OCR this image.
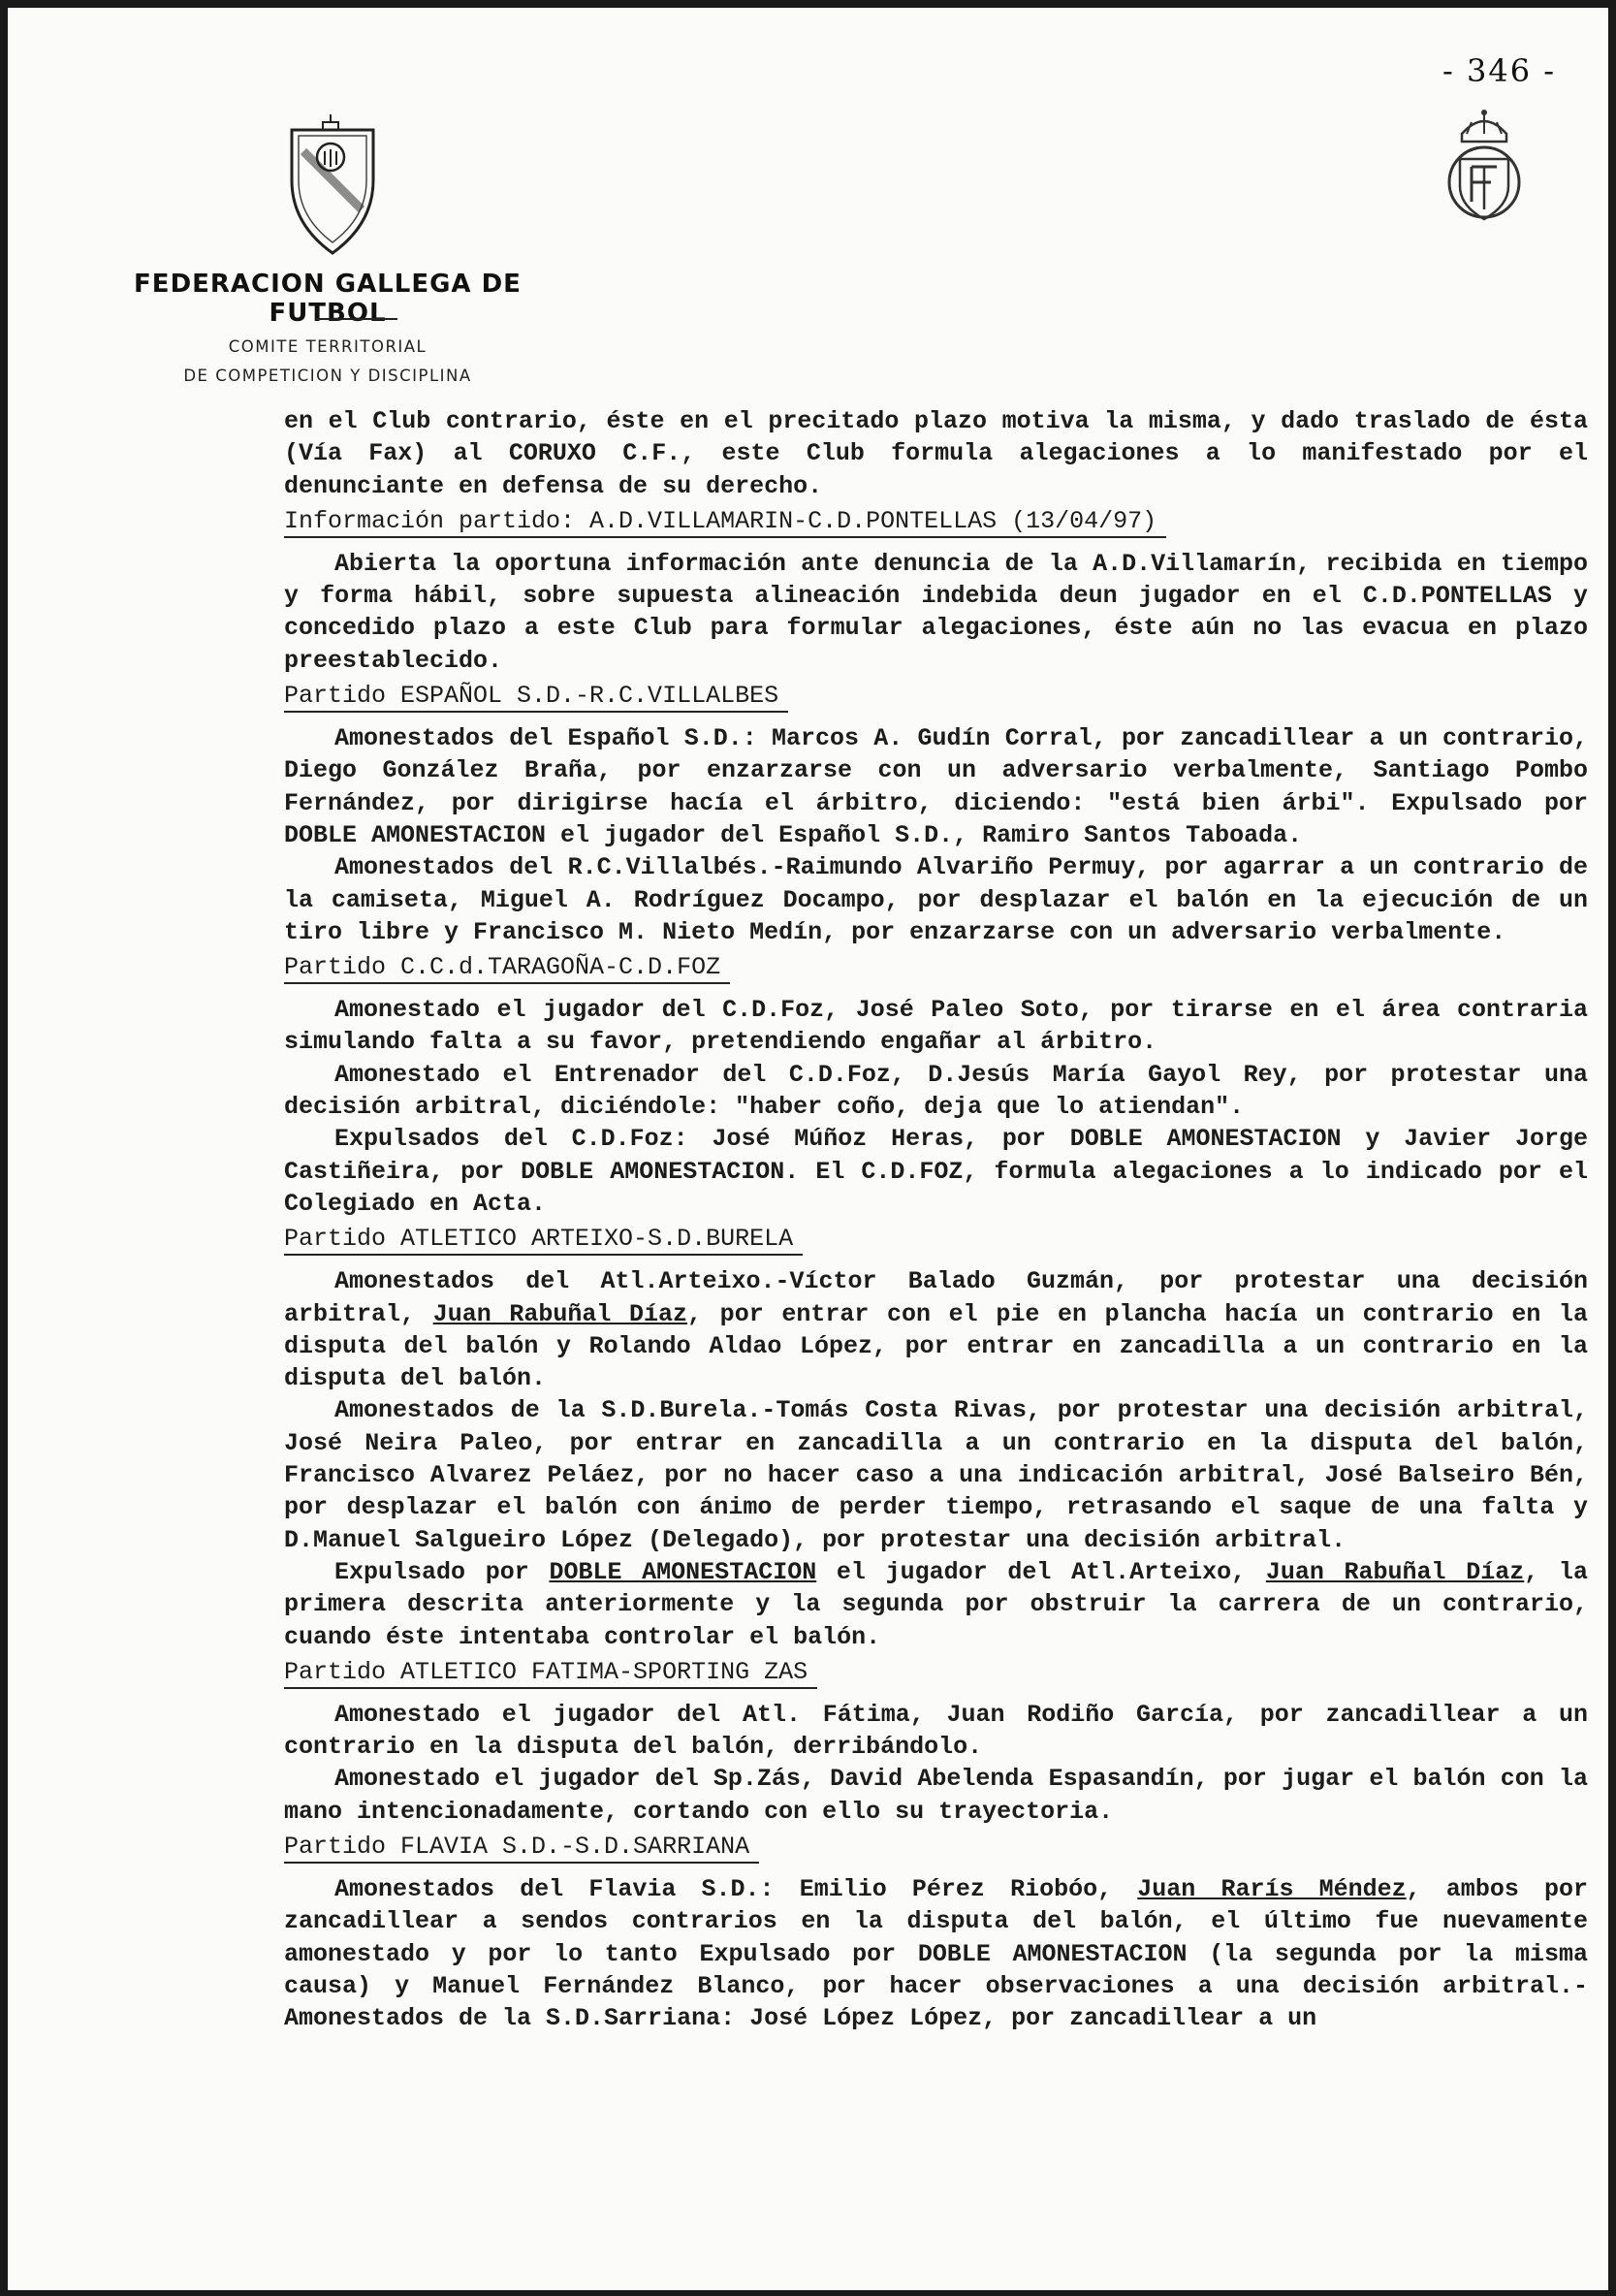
- 346 -
FEDERACION GALLEGA DE FUTBOL
COMITE TERRITORIAL
DE COMPETICION Y DISCIPLINA

en el Club contrario, éste en el precitado plazo motiva la misma, y dado traslado de ésta (Vía Fax) al CORUXO C.F., este Club formula alegaciones a lo manifestado por el denunciante en defensa de su derecho.

Información partido: A.D.VILLAMARIN-C.D.PONTELLAS (13/04/97)

Abierta la oportuna información ante denuncia de la A.D.Villamarín, recibida en tiempo y forma hábil, sobre supuesta alineación indebida deun jugador en el C.D.PONTELLAS y concedido plazo a este Club para formular alegaciones, éste aún no las evacua en plazo preestablecido.

Partido ESPAÑOL S.D.-R.C.VILLALBES

Amonestados del Español S.D.: Marcos A. Gudín Corral, por zancadillear a un contrario, Diego González Braña, por enzarzarse con un adversario verbalmente, Santiago Pombo Fernández, por dirigirse hacía el árbitro, diciendo: "está bien árbi". Expulsado por DOBLE AMONESTACION el jugador del Español S.D., Ramiro Santos Taboada.

Amonestados del R.C.Villalbés.-Raimundo Alvariño Permuy, por agarrar a un contrario de la camiseta, Miguel A. Rodríguez Docampo, por desplazar el balón en la ejecución de un tiro libre y Francisco M. Nieto Medín, por enzarzarse con un adversario verbalmente.

Partido C.C.d.TARAGOÑA-C.D.FOZ

Amonestado el jugador del C.D.Foz, José Paleo Soto, por tirarse en el área contraria simulando falta a su favor, pretendiendo engañar al árbitro.

Amonestado el Entrenador del C.D.Foz, D.Jesús María Gayol Rey, por protestar una decisión arbitral, diciéndole: "haber coño, deja que lo atiendan".

Expulsados del C.D.Foz: José Múñoz Heras, por DOBLE AMONESTACION y Javier Jorge Castiñeira, por DOBLE AMONESTACION. El C.D.FOZ, formula alegaciones a lo indicado por el Colegiado en Acta.

Partido ATLETICO ARTEIXO-S.D.BURELA

Amonestados del Atl.Arteixo.-Víctor Balado Guzmán, por protestar una decisión arbitral, Juan Rabuñal Díaz, por entrar con el pie en plancha hacía un contrario en la disputa del balón y Rolando Aldao López, por entrar en zancadilla a un contrario en la disputa del balón.

Amonestados de la S.D.Burela.-Tomás Costa Rivas, por protestar una decisión arbitral, José Neira Paleo, por entrar en zancadilla a un contrario en la disputa del balón, Francisco Alvarez Peláez, por no hacer caso a una indicación arbitral, José Balseiro Bén, por desplazar el balón con ánimo de perder tiempo, retrasando el saque de una falta y D.Manuel Salgueiro López (Delegado), por protestar una decisión arbitral.

Expulsado por DOBLE AMONESTACION el jugador del Atl.Arteixo, Juan Rabuñal Díaz, la primera descrita anteriormente y la segunda por obstruir la carrera de un contrario, cuando éste intentaba controlar el balón.

Partido ATLETICO FATIMA-SPORTING ZAS

Amonestado el jugador del Atl. Fátima, Juan Rodiño García, por zancadillear a un contrario en la disputa del balón, derribándolo.

Amonestado el jugador del Sp.Zás, David Abelenda Espasandín, por jugar el balón con la mano intencionadamente, cortando con ello su trayectoria.

Partido FLAVIA S.D.-S.D.SARRIANA

Amonestados del Flavia S.D.: Emilio Pérez Riobóo, Juan Rarís Méndez, ambos por zancadillear a sendos contrarios en la disputa del balón, el último fue nuevamente amonestado y por lo tanto Expulsado por DOBLE AMONESTACION (la segunda por la misma causa) y Manuel Fernández Blanco, por hacer observaciones a una decisión arbitral.-Amonestados de la S.D.Sarriana: José López López, por zancadillear a un
